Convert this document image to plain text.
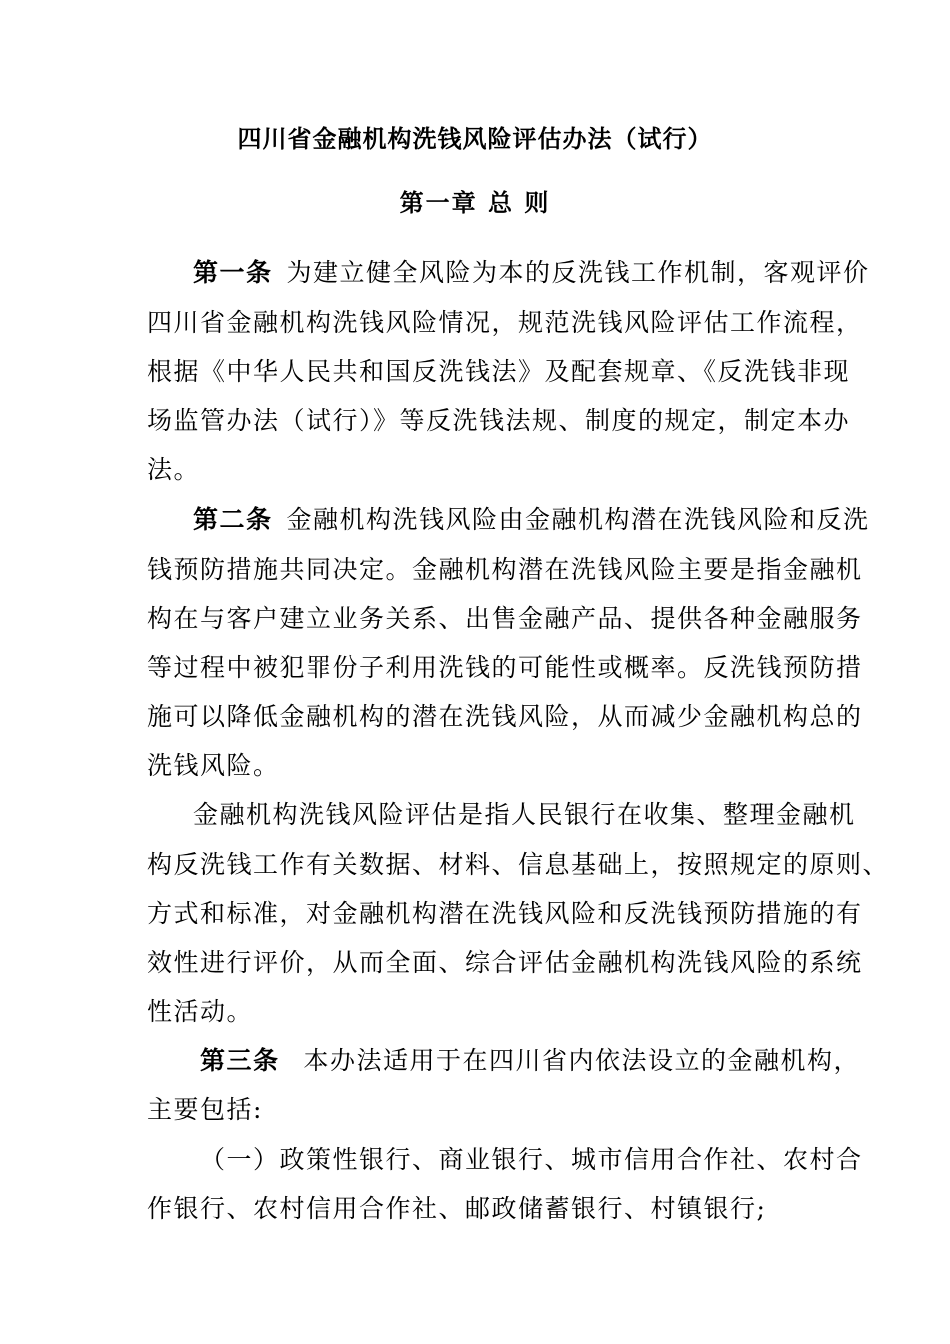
四川省金融机构洗钱风险评估办法（试行）
第一章 总 则
第一条 为建立健全风险为本的反洗钱工作机制，客观评价
四川省金融机构洗钱风险情况，规范洗钱风险评估工作流程，
根据《中华人民共和国反洗钱法》及配套规章、《反洗钱非现
场监管办法（试行）》等反洗钱法规、制度的规定，制定本办
法。
第二条 金融机构洗钱风险由金融机构潜在洗钱风险和反洗
钱预防措施共同决定。金融机构潜在洗钱风险主要是指金融机
构在与客户建立业务关系、出售金融产品、提供各种金融服务
等过程中被犯罪份子利用洗钱的可能性或概率。反洗钱预防措
施可以降低金融机构的潜在洗钱风险，从而减少金融机构总的
洗钱风险。
金融机构洗钱风险评估是指人民银行在收集、整理金融机
构反洗钱工作有关数据、材料、信息基础上，按照规定的原则、
方式和标准，对金融机构潜在洗钱风险和反洗钱预防措施的有
效性进行评价，从而全面、综合评估金融机构洗钱风险的系统
性活动。
第三条 本办法适用于在四川省内依法设立的金融机构，
主要包括:
（一）政策性银行、商业银行、城市信用合作社、农村合
作银行、农村信用合作社、邮政储蓄银行、村镇银行;
